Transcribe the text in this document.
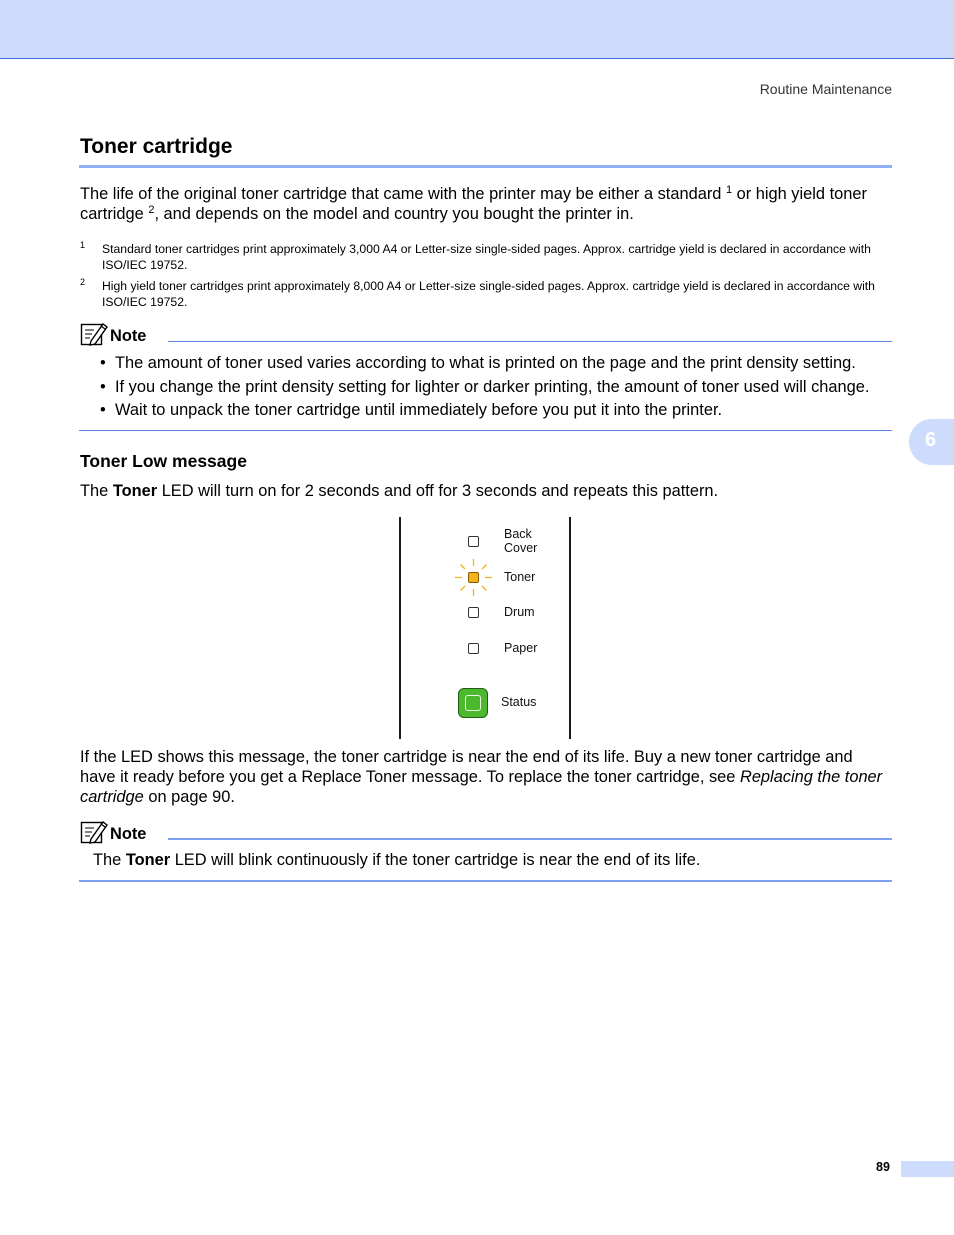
Routine Maintenance
Toner cartridge

The life of the original toner cartridge that came with the printer may be either a standard $^1$ or high yield toner cartridge $^2$, and depends on the model and country you bought the printer in.

1 Standard toner cartridges print approximately 3,000 A4 or Letter-size single-sided pages. Approx. cartridge yield is declared in accordance with ISO/IEC 19752.
2 High yield toner cartridges print approximately 8,000 A4 or Letter-size single-sided pages. Approx. cartridge yield is declared in accordance with ISO/IEC 19752.
Note
• The amount of toner used varies according to what is printed on the page and the print density setting.
• If you change the print density setting for lighter or darker printing, the amount of toner used will change.
• Wait to unpack the toner cartridge until immediately before you put it into the printer.
6
Toner Low message

The Toner LED will turn on for 2 seconds and off for 3 seconds and repeats this pattern.

Back
Cover
Toner
Drum
Paper
Status

If the LED shows this message, the toner cartridge is near the end of its life. Buy a new toner cartridge and have it ready before you get a Replace Toner message. To replace the toner cartridge, see Replacing the toner cartridge on page 90.

Note

The Toner LED will blink continuously if the toner cartridge is near the end of its life.

89
